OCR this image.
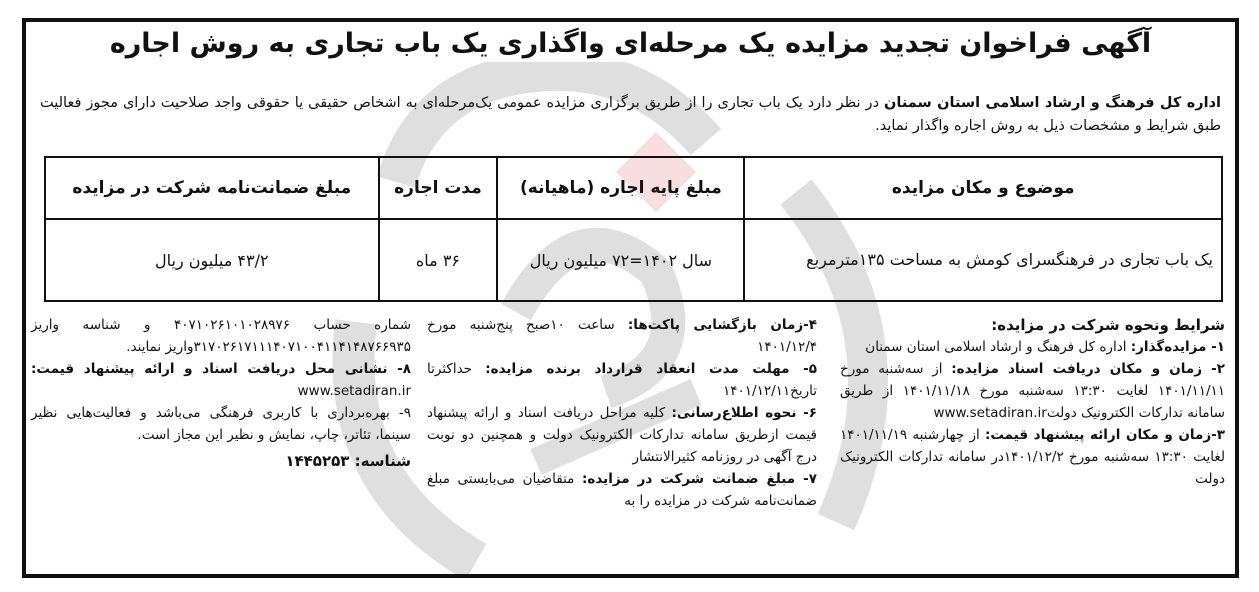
آگهی فراخوان تجدید مزایده یک مرحله‌ای واگذاری یک باب تجاری به روش اجاره
اداره کل فرهنگ و ارشاد اسلامی استان سمنان در نظر دارد یک باب تجاری را از طریق برگزاری مزایده عمومی یک‌مرحله‌ای به اشخاص حقیقی یا حقوقی واجد صلاحیت دارای مجوز فعالیت طبق شرایط و مشخصات ذیل به روش اجاره واگذار نماید.
موضوع و مکان مزایده	مبلغ پایه اجاره (ماهیانه)	مدت اجاره	مبلغ ضمانت‌نامه شرکت در مزایده
یک باب تجاری در فرهنگسرای کومش به مساحت ۱۳۵مترمربع	سال ۱۴۰۲=۷۲ میلیون ریال	۳۶ ماه	۴۳/۲ میلیون ریال
شرایط ونحوه شرکت در مزایده:
۱- مزایده‌گذار: اداره کل فرهنگ و ارشاد اسلامی استان سمنان
۲- زمان و مکان دریافت اسناد مزایده: از سه‌شنبه مورخ ۱۴۰۱/۱۱/۱۱ لغایت ۱۳:۳۰ سه‌شنبه مورخ ۱۴۰۱/۱۱/۱۸ از طریق سامانه تدارکات الکترونیک دولتwww.setadiran.ir
۳-زمان و مکان ارائه پیشنهاد قیمت: از چهارشنبه ۱۴۰۱/۱۱/۱۹ لغایت ۱۳:۳۰ سه‌شنبه مورخ ۱۴۰۱/۱۲/۲در سامانه تدارکات الکترونیک دولت
۴-زمان بازگشایی پاکت‌ها: ساعت ۱۰صبح پنج‌شنبه مورخ ۱۴۰۱/۱۲/۴
۵- مهلت مدت انعقاد قرارداد برنده مزایده: حداکثرتا تاریخ۱۴۰۱/۱۲/۱۱
۶- نحوه اطلاع‌رسانی: کلیه مراحل دریافت اسناد و ارائه پیشنهاد قیمت ازطریق سامانه تدارکات الکترونیک دولت و همچنین دو نوبت درج آگهی در روزنامه کثیرالانتشار
۷- مبلغ ضمانت شرکت در مزایده: متقاضیان می‌بایستی مبلغ ضمانت‌نامه شرکت در مزایده را به
شماره حساب ۴۰۷۱۰۲۶۱۰۱۰۲۸۹۷۶ و شناسه واریز ۳۱۷۰۲۶۱۷۱۱۱۴۰۷۱۰۰۴۱۱۴۱۴۸۷۶۶۹۳۵واریز نمایند.
۸- نشانی محل دریافت اسناد و ارائه پیشنهاد قیمت: www.setadiran.ir
۹- بهره‌برداری با کاربری فرهنگی می‌باشد و فعالیت‌هایی نظیر سینما، تئاتر، چاپ، نمایش و نظیر این مجاز است.
شناسه: ۱۴۴۵۲۵۳
